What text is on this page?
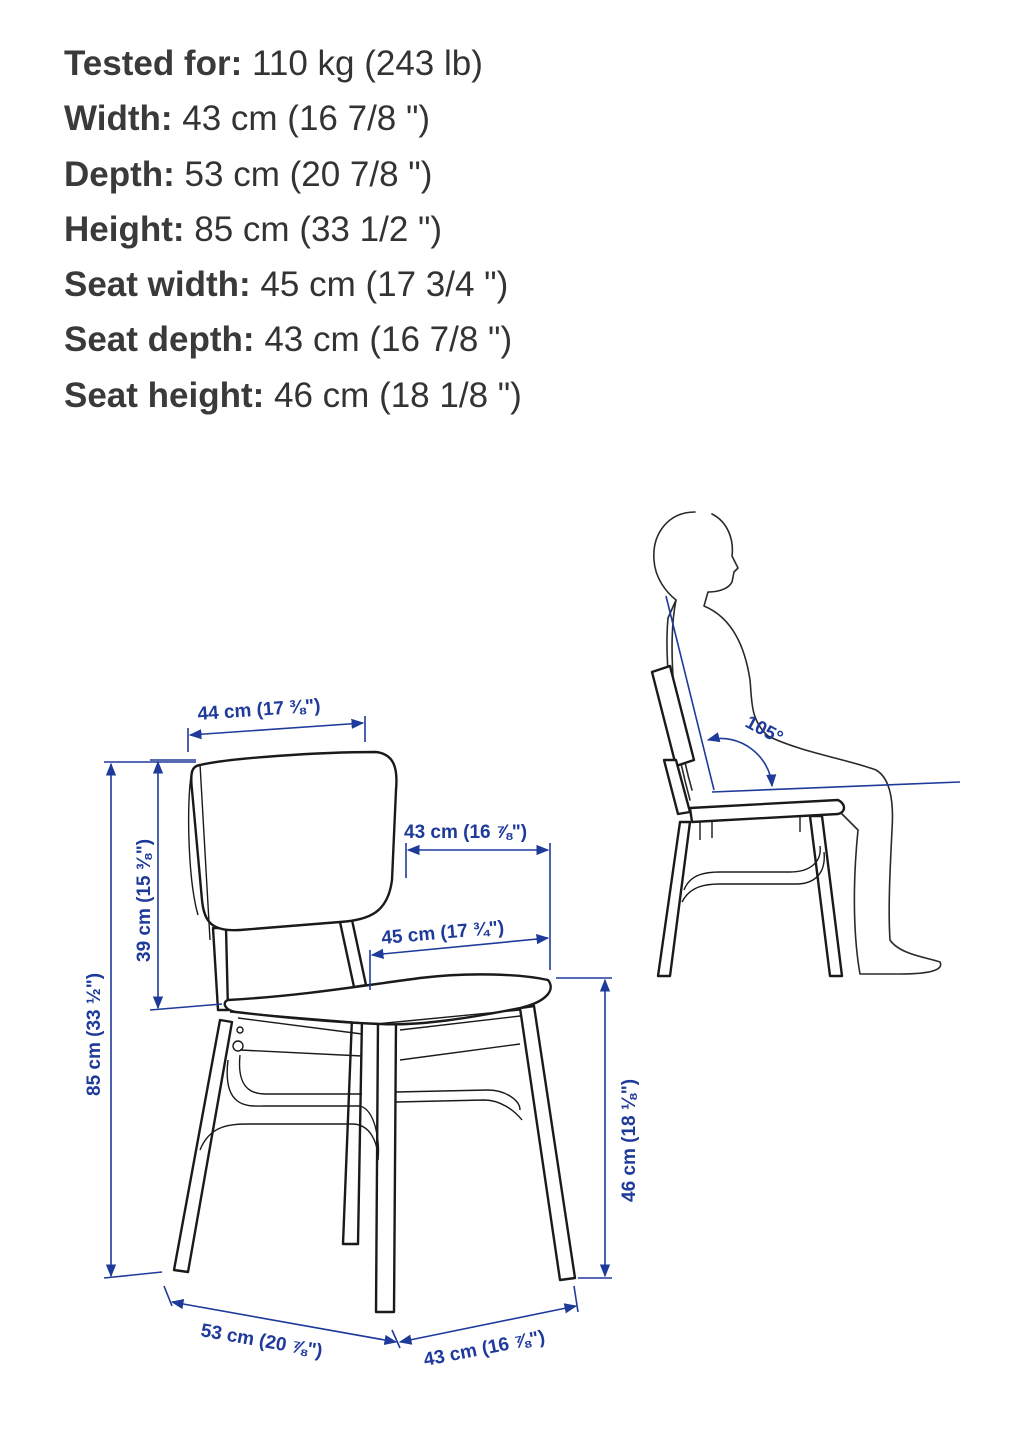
Tested for: 110 kg (243 lb)
Width: 43 cm (16 7/8 ")
Depth: 53 cm (20 7/8 ")
Height: 85 cm (33 1/2 ")
Seat width: 45 cm (17 3/4 ")
Seat depth: 43 cm (16 7/8 ")
Seat height: 46 cm (18 1/8 ")
44 cm (17 ⅜")
43 cm (16 ⅞")
45 cm (17 ¾")
39 cm (15 ⅜")
85 cm (33 ½")
46 cm (18 ⅛")
53 cm (20 ⅞")	43 cm (16 ⅞")
105°
